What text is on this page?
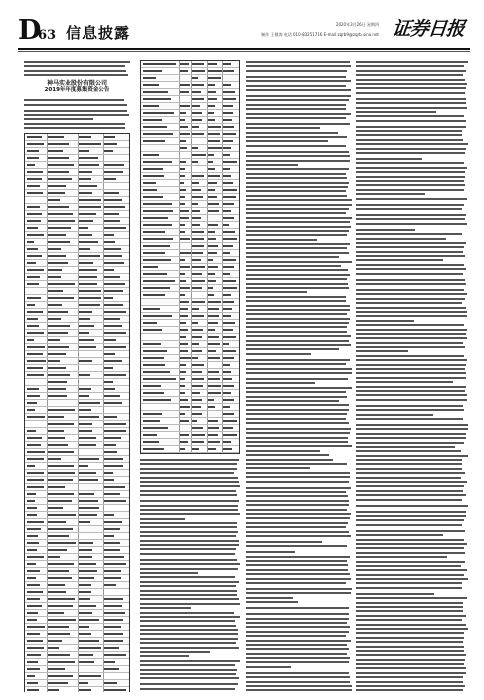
D
63 信息披露	2020年3月26日 星期四
制作 王敬涛 电话 010-83251716 E-mail zqrb9@zqrb.sina.net 证券日报
神马实业股份有限公司
2019年年度募集资金公告
